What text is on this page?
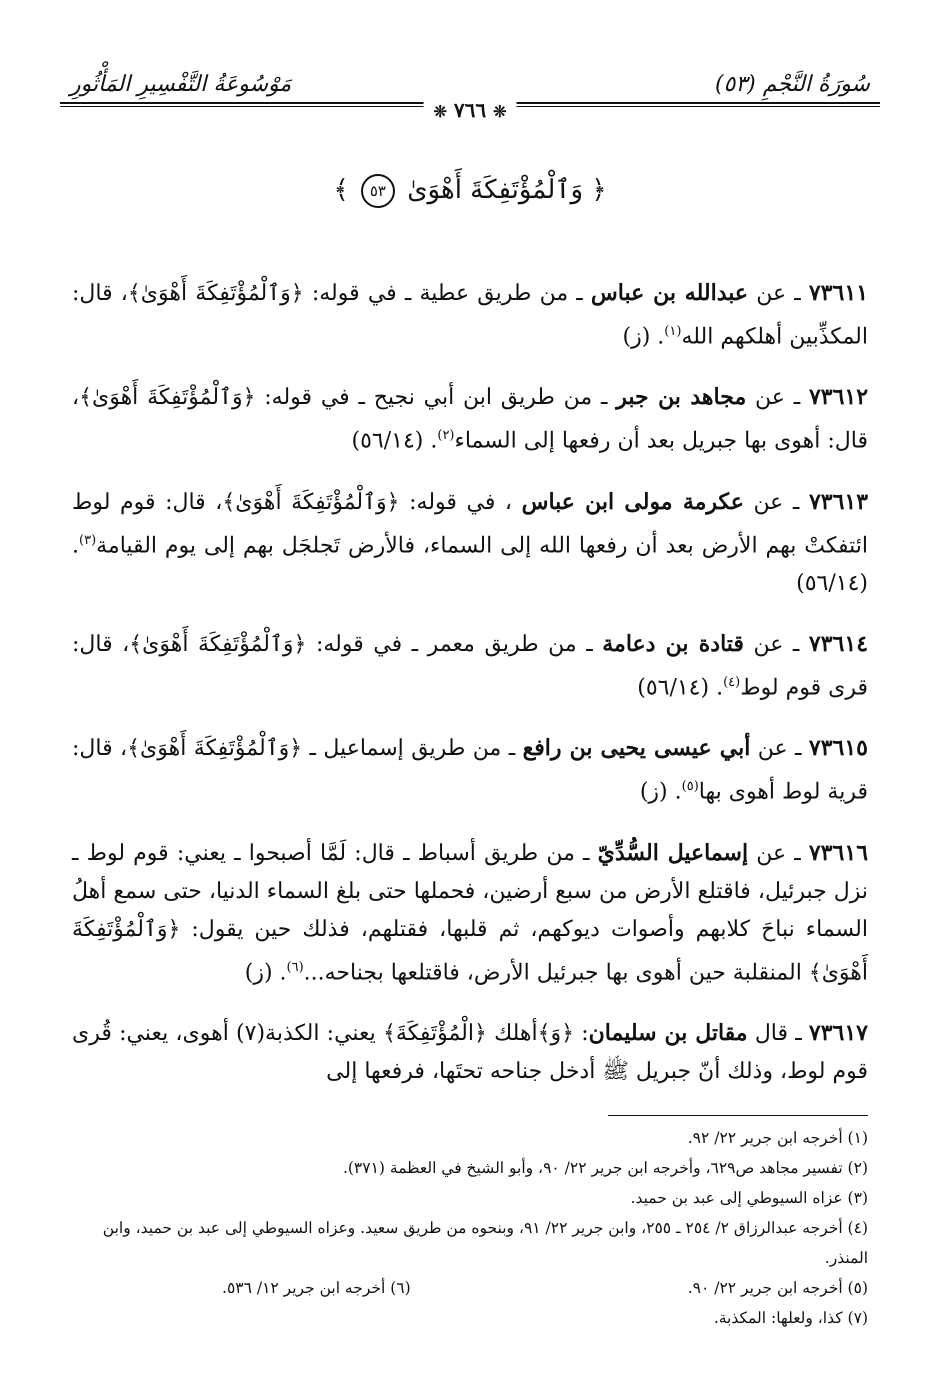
سُورَةُ النَّجْمِ (٥٣)
مَوْسُوعَةُ التَّفْسِيرِ المَأْثُورِ
❊ ٧٦٦ ❊
﴿ وَٱلْمُؤْتَفِكَةَ أَهْوَىٰ ٥٣ ﴾

٧٣٦١١ ـ عن عبدالله بن عباس ـ من طريق عطية ـ في قوله: ﴿وَٱلْمُؤْتَفِكَةَ أَهْوَىٰ﴾، قال: المكذِّبين أهلكهم الله$^{(١)}$. (ز)

٧٣٦١٢ ـ عن مجاهد بن جبر ـ من طريق ابن أبي نجيح ـ في قوله: ﴿وَٱلْمُؤْتَفِكَةَ أَهْوَىٰ﴾، قال: أهوى بها جبريل بعد أن رفعها إلى السماء$^{(٢)}$. (٥٦/١٤)

٧٣٦١٣ ـ عن عكرمة مولى ابن عباس ، في قوله: ﴿وَٱلْمُؤْتَفِكَةَ أَهْوَىٰ﴾، قال: قوم لوط ائتفكتْ بهم الأرض بعد أن رفعها الله إلى السماء، فالأرض تَجلجَل بهم إلى يوم القيامة$^{(٣)}$. (٥٦/١٤)

٧٣٦١٤ ـ عن قتادة بن دعامة ـ من طريق معمر ـ في قوله: ﴿وَٱلْمُؤْتَفِكَةَ أَهْوَىٰ﴾، قال: قرى قوم لوط$^{(٤)}$. (٥٦/١٤)

٧٣٦١٥ ـ عن أبي عيسى يحيى بن رافع ـ من طريق إسماعيل ـ ﴿وَٱلْمُؤْتَفِكَةَ أَهْوَىٰ﴾، قال: قرية لوط أهوى بها$^{(٥)}$. (ز)

٧٣٦١٦ ـ عن إسماعيل السُّدِّيّ ـ من طريق أسباط ـ قال: لَمَّا أصبحوا ـ يعني: قوم لوط ـ نزل جبرئيل، فاقتلع الأرض من سبع أرضين، فحملها حتى بلغ السماء الدنيا، حتى سمع أهلُ السماء نباحَ كلابهم وأصوات ديوكهم، ثم قلبها، فقتلهم، فذلك حين يقول: ﴿وَٱلْمُؤْتَفِكَةَ أَهْوَىٰ﴾ المنقلبة حين أهوى بها جبرئيل الأرض، فاقتلعها بجناحه...$^{(٦)}$. (ز)

٧٣٦١٧ ـ قال مقاتل بن سليمان: ﴿وَ﴾أهلك ﴿الْمُؤْتَفِكَةَ﴾ يعني: الكذبة(٧) أهوى، يعني: قُرى قوم لوط، وذلك أنّ جبريل ﷺ أدخل جناحه تحتَها، فرفعها إلى

(١) أخرجه ابن جرير ٢٢/ ٩٢.

(٢) تفسير مجاهد ص٦٢٩، وأخرجه ابن جرير ٢٢/ ٩٠، وأبو الشيخ في العظمة (٣٧١).

(٣) عزاه السيوطي إلى عبد بن حميد.

(٤) أخرجه عبدالرزاق ٢/ ٢٥٤ ـ ٢٥٥، وابن جرير ٢٢/ ٩١، وبنحوه من طريق سعيد. وعزاه السيوطي إلى عبد بن حميد، وابن المنذر.

(٥) أخرجه ابن جرير ٢٢/ ٩٠.
(٦) أخرجه ابن جرير ١٢/ ٥٣٦.

(٧) كذا، ولعلها: المكذبة.
